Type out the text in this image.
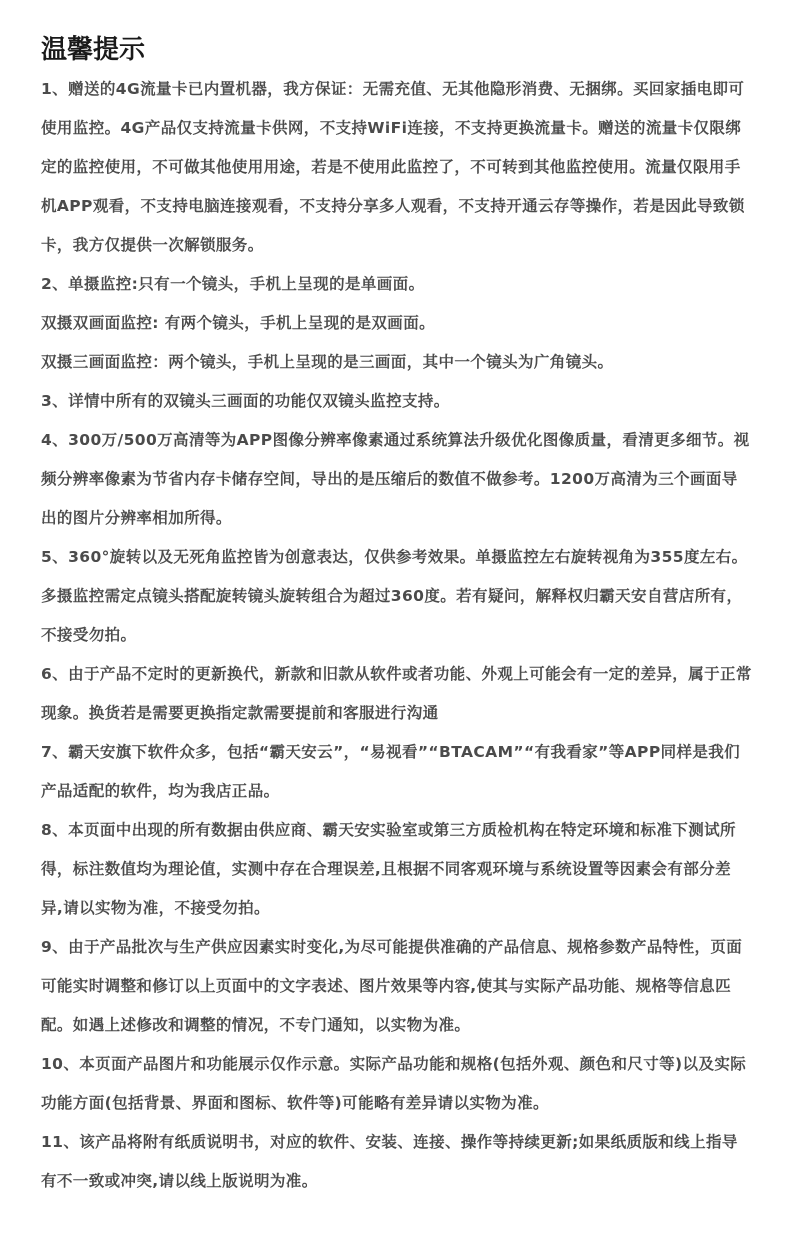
温馨提示

1、赠送的4G流量卡已内置机器，我方保证：无需充值、无其他隐形消费、无捆绑。买回家插电即可使用监控。4G产品仅支持流量卡供网，不支持WiFi连接，不支持更换流量卡。赠送的流量卡仅限绑定的监控使用，不可做其他使用用途，若是不使用此监控了，不可转到其他监控使用。流量仅限用手机APP观看，不支持电脑连接观看，不支持分享多人观看，不支持开通云存等操作，若是因此导致锁卡，我方仅提供一次解锁服务。

2、单摄监控:只有一个镜头，手机上呈现的是单画面。

双摄双画面监控: 有两个镜头，手机上呈现的是双画面。

双摄三画面监控：两个镜头，手机上呈现的是三画面，其中一个镜头为广角镜头。

3、详情中所有的双镜头三画面的功能仅双镜头监控支持。

4、300万/500万高清等为APP图像分辨率像素通过系统算法升级优化图像质量，看清更多细节。视频分辨率像素为节省内存卡储存空间，导出的是压缩后的数值不做参考。1200万高清为三个画面导出的图片分辨率相加所得。

5、360°旋转以及无死角监控皆为创意表达，仅供参考效果。单摄监控左右旋转视角为355度左右。多摄监控需定点镜头搭配旋转镜头旋转组合为超过360度。若有疑问，解释权归霸天安自营店所有，不接受勿拍。

6、由于产品不定时的更新换代，新款和旧款从软件或者功能、外观上可能会有一定的差异，属于正常现象。换货若是需要更换指定款需要提前和客服进行沟通

7、霸天安旗下软件众多，包括“霸天安云”，“易视看”“BTACAM”“有我看家”等APP同样是我们产品适配的软件，均为我店正品。

8、本页面中出现的所有数据由供应商、霸天安实验室或第三方质检机构在特定环境和标准下测试所得，标注数值均为理论值，实测中存在合理误差,且根据不同客观环境与系统设置等因素会有部分差异,请以实物为准，不接受勿拍。

9、由于产品批次与生产供应因素实时变化,为尽可能提供准确的产品信息、规格参数产品特性，页面可能实时调整和修订以上页面中的文字表述、图片效果等内容,使其与实际产品功能、规格等信息匹配。如遇上述修改和调整的情况，不专门通知，以实物为准。

10、本页面产品图片和功能展示仅作示意。实际产品功能和规格(包括外观、颜色和尺寸等)以及实际功能方面(包括背景、界面和图标、软件等)可能略有差异请以实物为准。

11、该产品将附有纸质说明书，对应的软件、安装、连接、操作等持续更新;如果纸质版和线上指导有不一致或冲突,请以线上版说明为准。
